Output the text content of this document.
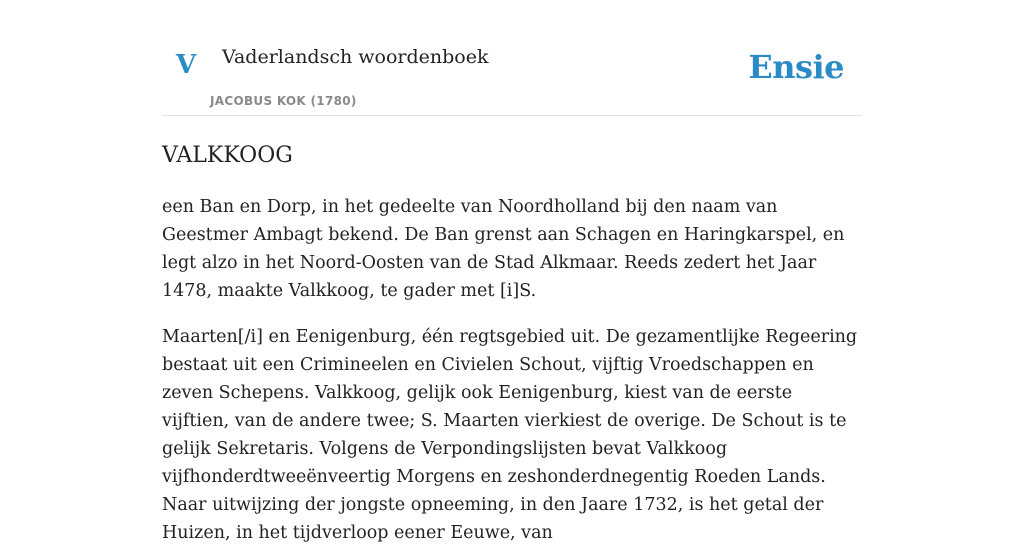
V Vaderlandsch woordenboek
JACOBUS KOK (1780)
Ensie
VALKKOOG

een Ban en Dorp, in het gedeelte van Noordholland bij den naam van Geestmer Ambagt bekend. De Ban grenst aan Schagen en Haringkarspel, en legt alzo in het Noord-Oosten van de Stad Alkmaar. Reeds zedert het Jaar 1478, maakte Valkkoog, te gader met [i]S.

Maarten[/i] en Eenigenburg, één regtsgebied uit. De gezamentlijke Regeering bestaat uit een Crimineelen en Civielen Schout, vijftig Vroedschappen en zeven Schepens. Valkkoog, gelijk ook Eenigenburg, kiest van de eerste vijftien, van de andere twee; S. Maarten vierkiest de overige. De Schout is te gelijk Sekretaris. Volgens de Verpondingslijsten bevat Valkkoog vijfhonderdtweeënveertig Morgens en zeshonderdnegentig Roeden Lands. Naar uitwijzing der jongste opneeming, in den Jaare 1732, is het getal der Huizen, in het tijdverloop eener Eeuwe, van
